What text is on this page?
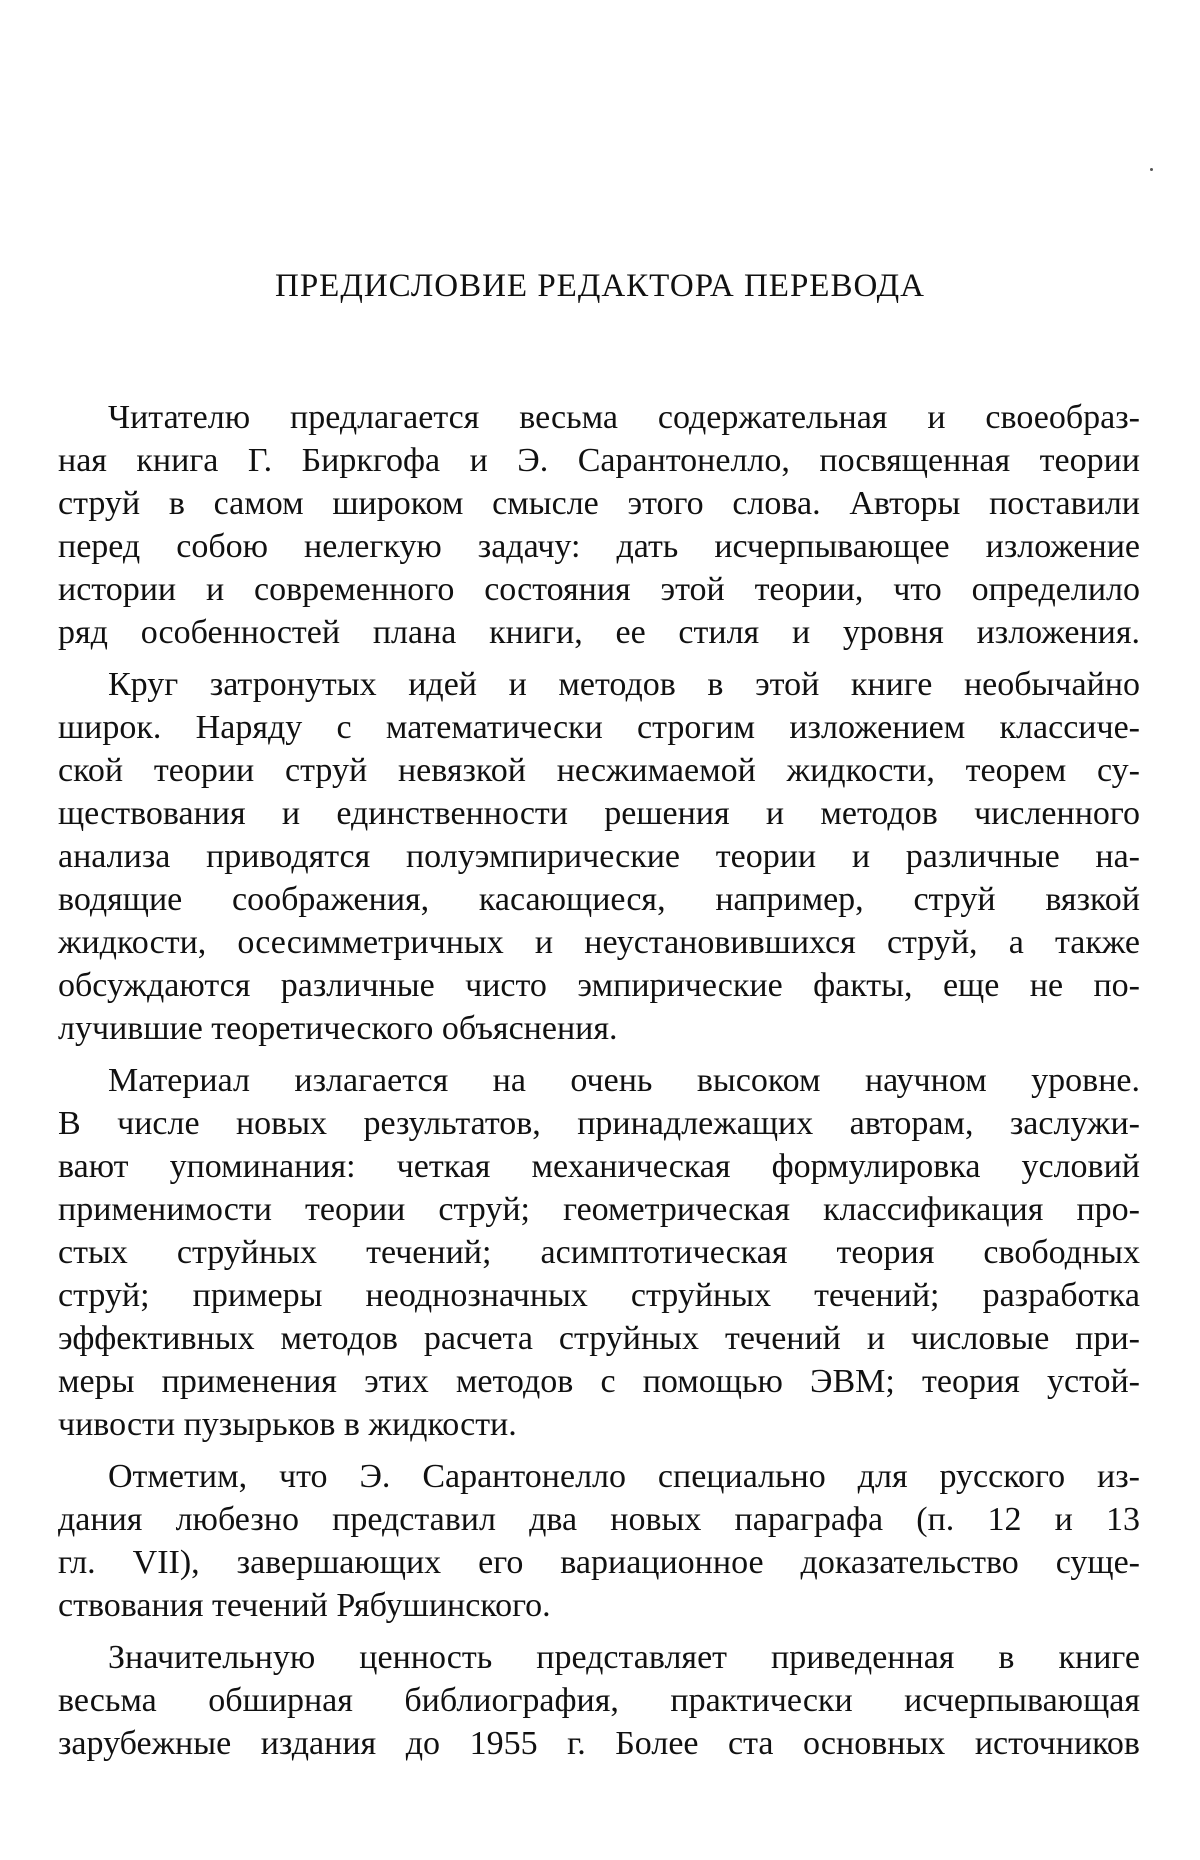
ПРЕДИСЛОВИЕ РЕДАКТОРА ПЕРЕВОДА
Читателю предлагается весьма содержательная и своеобраз-
ная книга Г. Биркгофа и Э. Сарантонелло, посвященная теории
струй в самом широком смысле этого слова. Авторы поставили
перед собою нелегкую задачу: дать исчерпывающее изложение
истории и современного состояния этой теории, что определило
ряд особенностей плана книги, ее стиля и уровня изложения.
Круг затронутых идей и методов в этой книге необычайно
широк. Наряду с математически строгим изложением классиче-
ской теории струй невязкой несжимаемой жидкости, теорем су-
ществования и единственности решения и методов численного
анализа приводятся полуэмпирические теории и различные на-
водящие соображения, касающиеся, например, струй вязкой
жидкости, осесимметричных и неустановившихся струй, а также
обсуждаются различные чисто эмпирические факты, еще не по-
лучившие теоретического объяснения.
Материал излагается на очень высоком научном уровне.
В числе новых результатов, принадлежащих авторам, заслужи-
вают упоминания: четкая механическая формулировка условий
применимости теории струй; геометрическая классификация про-
стых струйных течений; асимптотическая теория свободных
струй; примеры неоднозначных струйных течений; разработка
эффективных методов расчета струйных течений и числовые при-
меры применения этих методов с помощью ЭВМ; теория устой-
чивости пузырьков в жидкости.
Отметим, что Э. Сарантонелло специально для русского из-
дания любезно представил два новых параграфа (п. 12 и 13
гл. VII), завершающих его вариационное доказательство суще-
ствования течений Рябушинского.
Значительную ценность представляет приведенная в книге
весьма обширная библиография, практически исчерпывающая
зарубежные издания до 1955 г. Более ста основных источников
